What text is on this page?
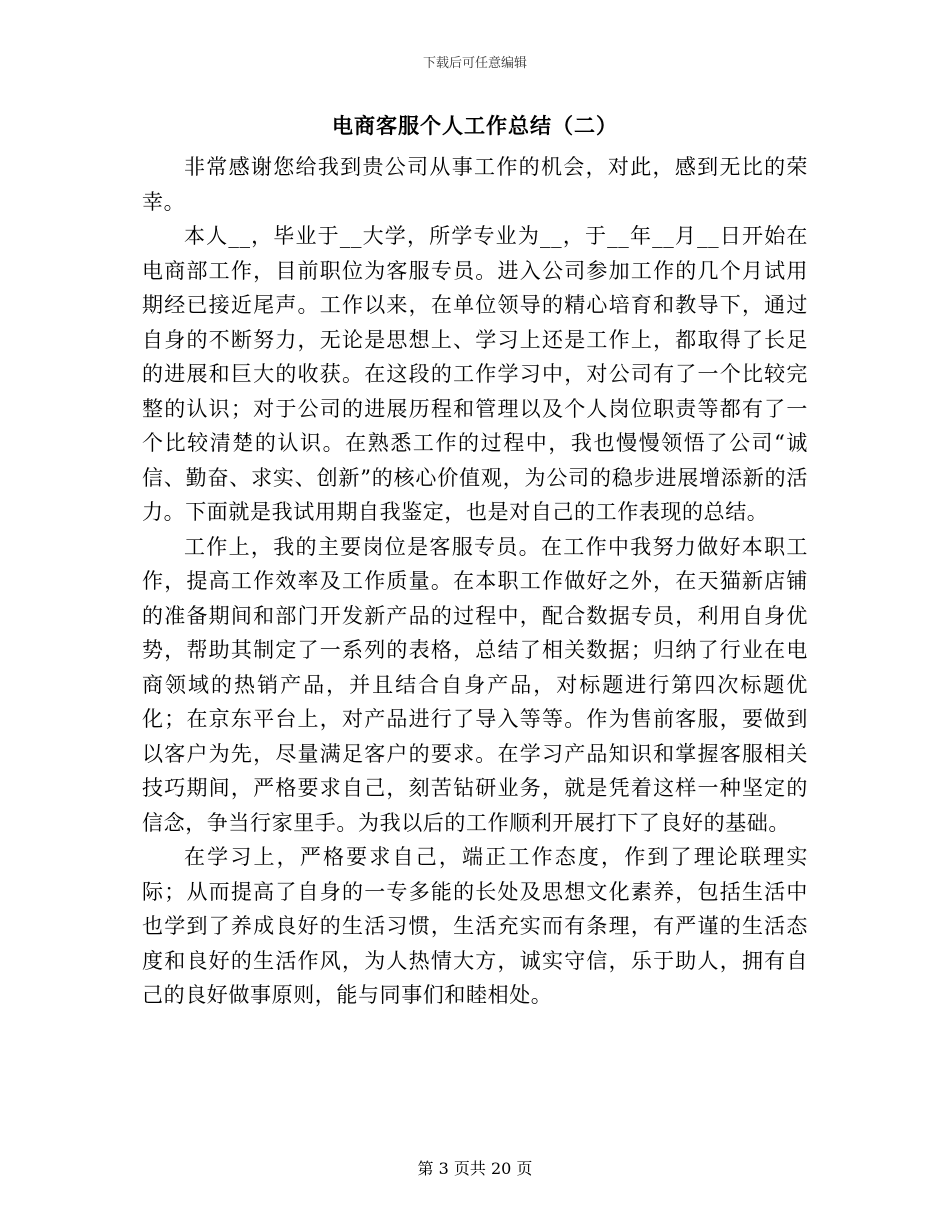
下载后可任意编辑
电商客服个人工作总结（二）

非常感谢您给我到贵公司从事工作的机会，对此，感到无比的荣幸。

本人__，毕业于__大学，所学专业为__，于__年__月__日开始在电商部工作，目前职位为客服专员。进入公司参加工作的几个月试用期经已接近尾声。工作以来，在单位领导的精心培育和教导下，通过自身的不断努力，无论是思想上、学习上还是工作上，都取得了长足的进展和巨大的收获。在这段的工作学习中，对公司有了一个比较完整的认识；对于公司的进展历程和管理以及个人岗位职责等都有了一个比较清楚的认识。在熟悉工作的过程中，我也慢慢领悟了公司“诚信、勤奋、求实、创新”的核心价值观，为公司的稳步进展增添新的活力。下面就是我试用期自我鉴定，也是对自己的工作表现的总结。

工作上，我的主要岗位是客服专员。在工作中我努力做好本职工作，提高工作效率及工作质量。在本职工作做好之外，在天猫新店铺的准备期间和部门开发新产品的过程中，配合数据专员，利用自身优势，帮助其制定了一系列的表格，总结了相关数据；归纳了行业在电商领域的热销产品，并且结合自身产品，对标题进行第四次标题优化；在京东平台上，对产品进行了导入等等。作为售前客服，要做到以客户为先，尽量满足客户的要求。在学习产品知识和掌握客服相关技巧期间，严格要求自己，刻苦钻研业务，就是凭着这样一种坚定的信念，争当行家里手。为我以后的工作顺利开展打下了良好的基础。

在学习上，严格要求自己，端正工作态度，作到了理论联理实际；从而提高了自身的一专多能的长处及思想文化素养，包括生活中也学到了养成良好的生活习惯，生活充实而有条理，有严谨的生活态度和良好的生活作风，为人热情大方，诚实守信，乐于助人，拥有自己的良好做事原则，能与同事们和睦相处。

第 3 页共 20 页
